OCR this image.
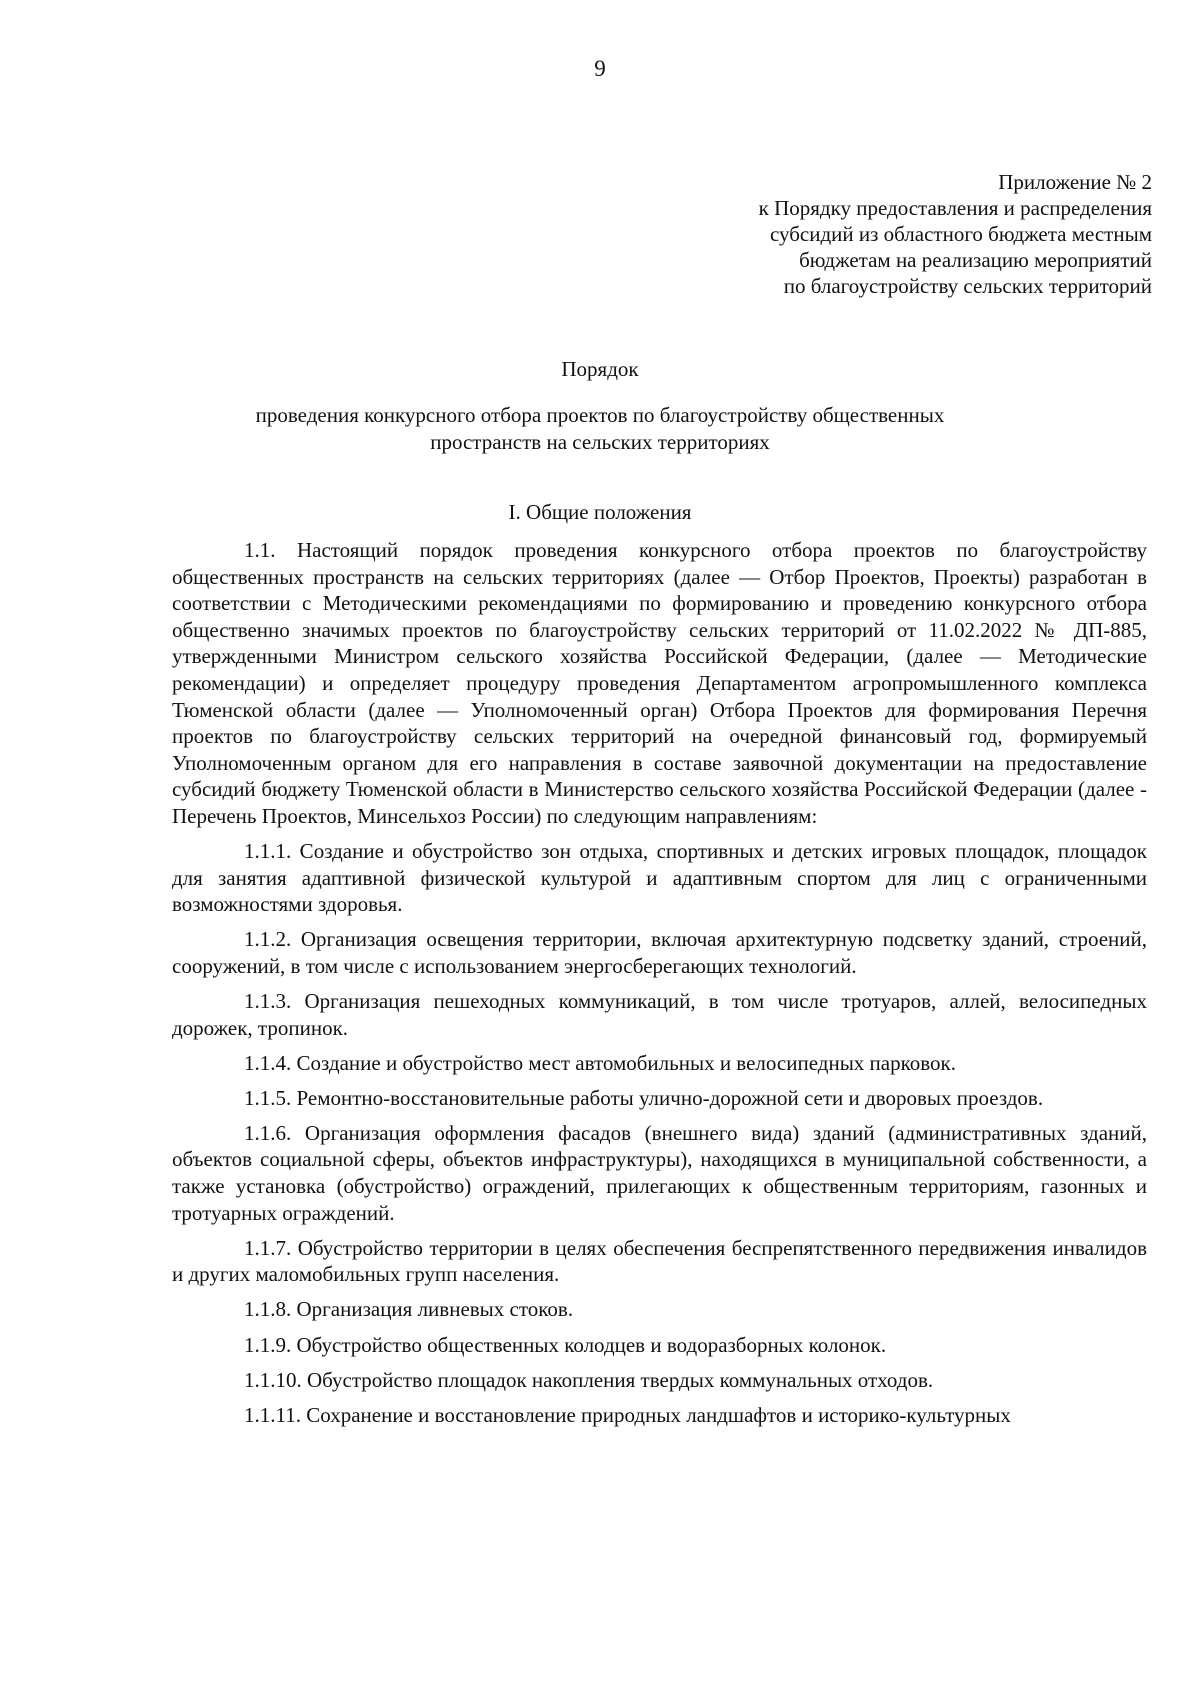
9
Приложение № 2
к Порядку предоставления и распределения
субсидий из областного бюджета местным
бюджетам на реализацию мероприятий
по благоустройству сельских территорий
Порядок
проведения конкурсного отбора проектов по благоустройству общественных
пространств на сельских территориях
I. Общие положения

1.1. Настоящий порядок проведения конкурсного отбора проектов по благоустройству общественных пространств на сельских территориях (далее — Отбор Проектов, Проекты) разработан в соответствии с Методическими рекомендациями по формированию и проведению конкурсного отбора общественно значимых проектов по благоустройству сельских территорий от 11.02.2022 № ДП-885, утвержденными Министром сельского хозяйства Российской Федерации, (далее — Методические рекомендации) и определяет процедуру проведения Департаментом агропромышленного комплекса Тюменской области (далее — Уполномоченный орган) Отбора Проектов для формирования Перечня проектов по благоустройству сельских территорий на очередной финансовый год, формируемый Уполномоченным органом для его направления в составе заявочной документации на предоставление субсидий бюджету Тюменской области в Министерство сельского хозяйства Российской Федерации (далее - Перечень Проектов, Минсельхоз России) по следующим направлениям:

1.1.1. Создание и обустройство зон отдыха, спортивных и детских игровых площадок, площадок для занятия адаптивной физической культурой и адаптивным спортом для лиц с ограниченными возможностями здоровья.

1.1.2. Организация освещения территории, включая архитектурную подсветку зданий, строений, сооружений, в том числе с использованием энергосберегающих технологий.

1.1.3. Организация пешеходных коммуникаций, в том числе тротуаров, аллей, велосипедных дорожек, тропинок.

1.1.4. Создание и обустройство мест автомобильных и велосипедных парковок.

1.1.5. Ремонтно-восстановительные работы улично-дорожной сети и дворовых проездов.

1.1.6. Организация оформления фасадов (внешнего вида) зданий (административных зданий, объектов социальной сферы, объектов инфраструктуры), находящихся в муниципальной собственности, а также установка (обустройство) ограждений, прилегающих к общественным территориям, газонных и тротуарных ограждений.

1.1.7. Обустройство территории в целях обеспечения беспрепятственного передвижения инвалидов и других маломобильных групп населения.

1.1.8. Организация ливневых стоков.

1.1.9. Обустройство общественных колодцев и водоразборных колонок.

1.1.10. Обустройство площадок накопления твердых коммунальных отходов.

1.1.11. Сохранение и восстановление природных ландшафтов и историко-культурных
